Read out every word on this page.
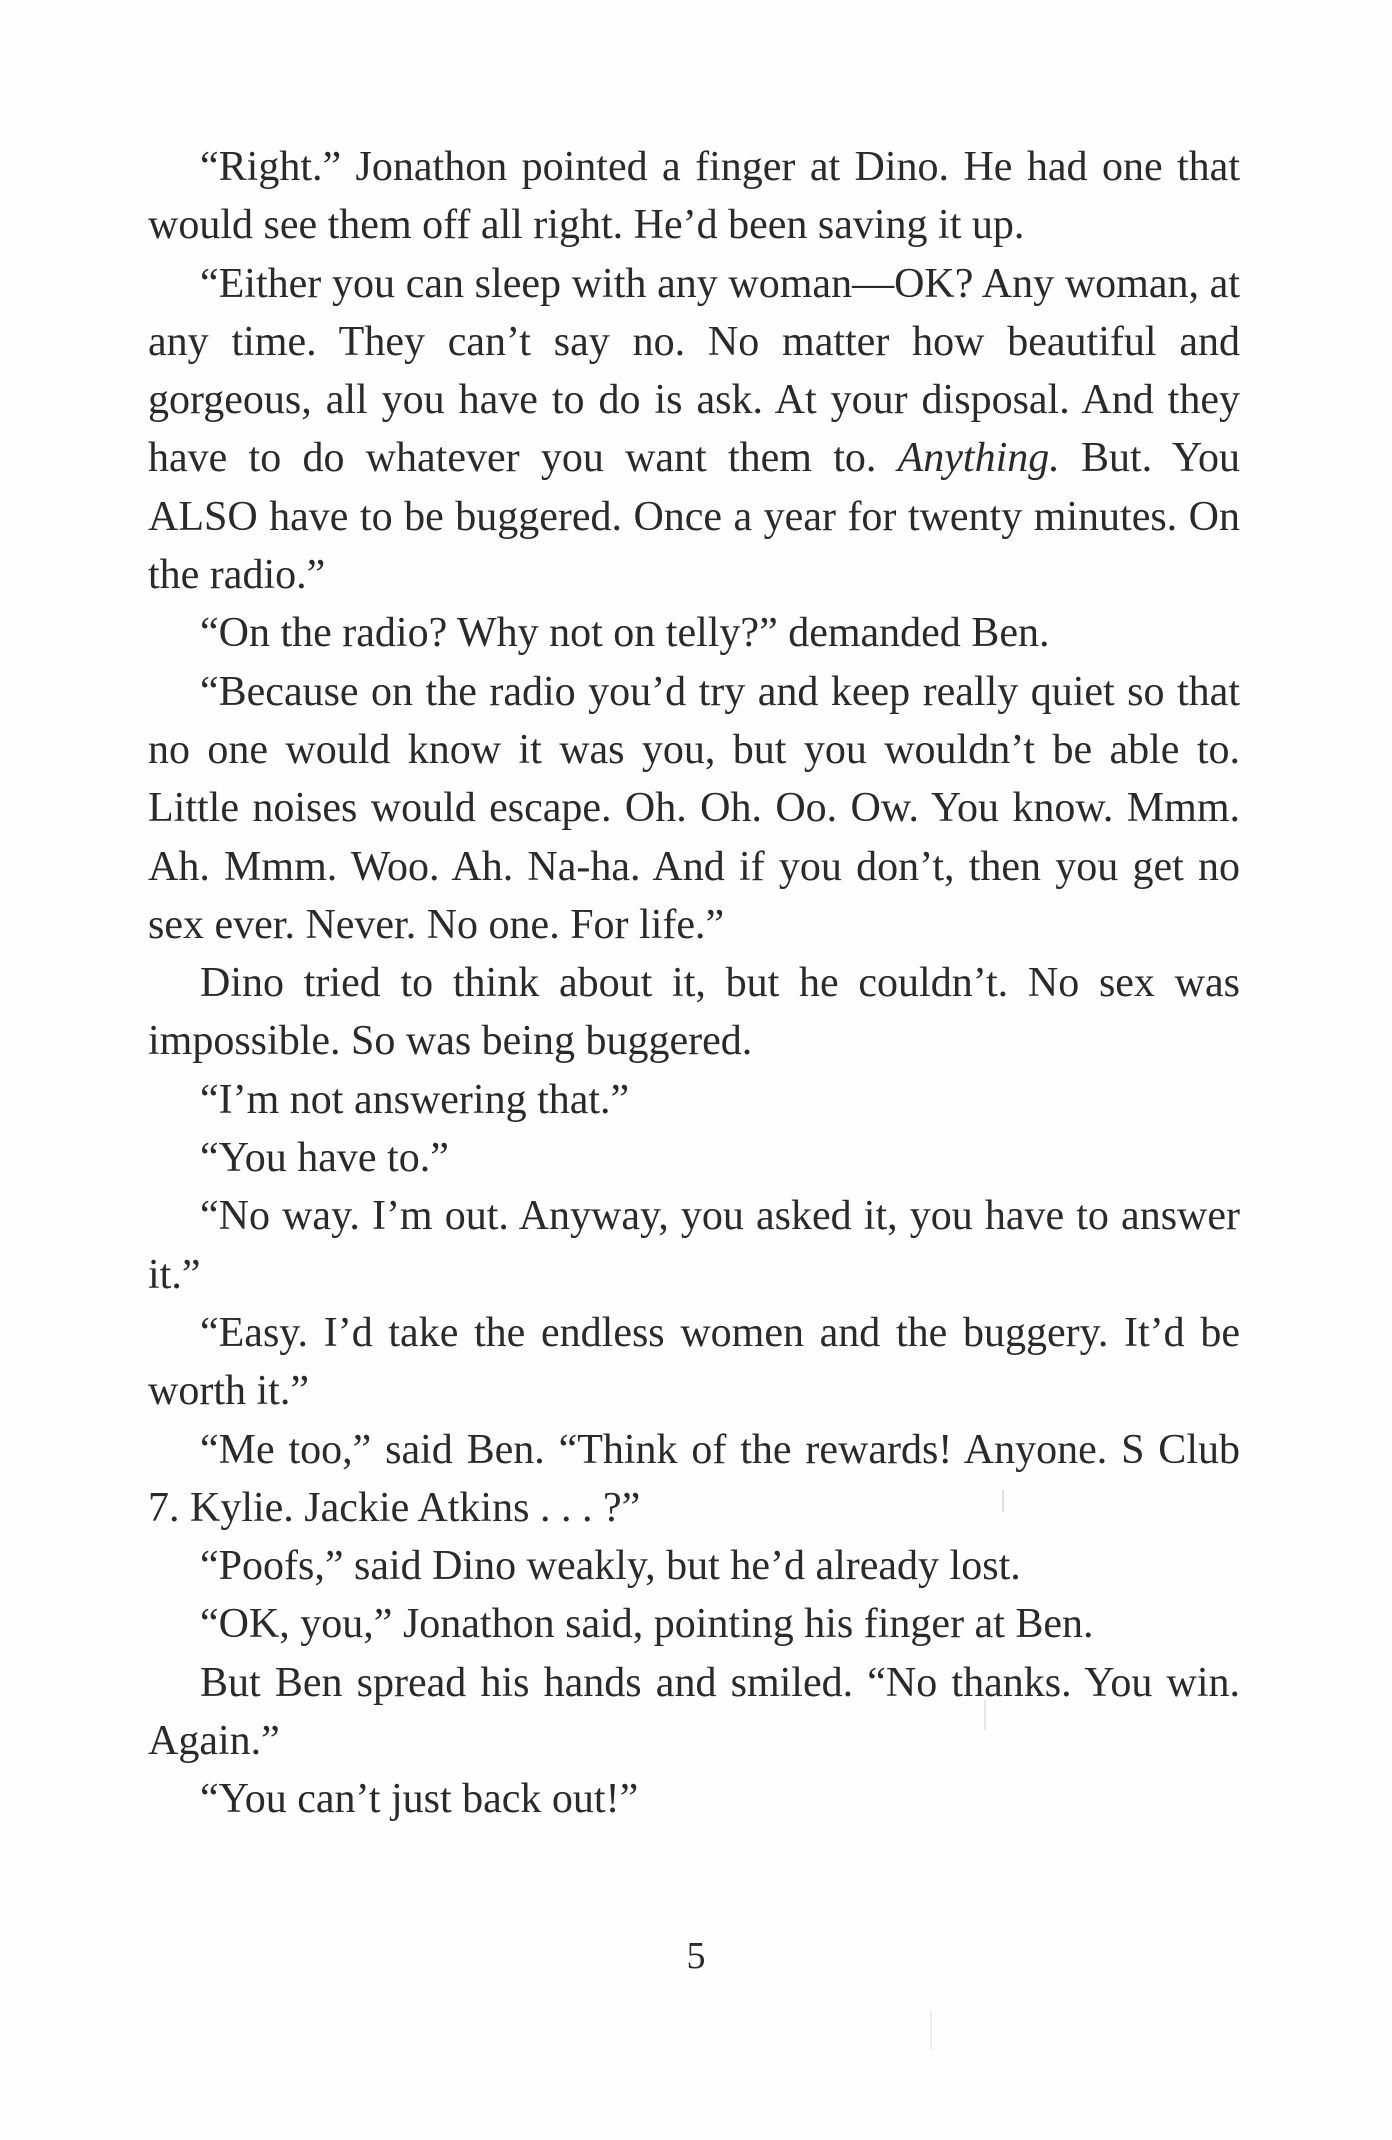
“Right.” Jonathon pointed a finger at Dino. He had one that would see them off all right. He’d been saving it up.

“Either you can sleep with any woman—OK? Any woman, at any time. They can’t say no. No matter how beautiful and gorgeous, all you have to do is ask. At your disposal. And they have to do whatever you want them to. Anything. But. You ALSO have to be buggered. Once a year for twenty minutes. On the radio.”

“On the radio? Why not on telly?” demanded Ben.

“Because on the radio you’d try and keep really quiet so that no one would know it was you, but you wouldn’t be able to. Little noises would escape. Oh. Oh. Oo. Ow. You know. Mmm. Ah. Mmm. Woo. Ah. Na-ha. And if you don’t, then you get no sex ever. Never. No one. For life.”

Dino tried to think about it, but he couldn’t. No sex was impossible. So was being buggered.

“I’m not answering that.”

“You have to.”

“No way. I’m out. Anyway, you asked it, you have to answer it.”

“Easy. I’d take the endless women and the buggery. It’d be worth it.”

“Me too,” said Ben. “Think of the rewards! Anyone. S Club 7. Kylie. Jackie Atkins . . . ?”

“Poofs,” said Dino weakly, but he’d already lost.

“OK, you,” Jonathon said, pointing his finger at Ben.

But Ben spread his hands and smiled. “No thanks. You win. Again.”

“You can’t just back out!”

5
